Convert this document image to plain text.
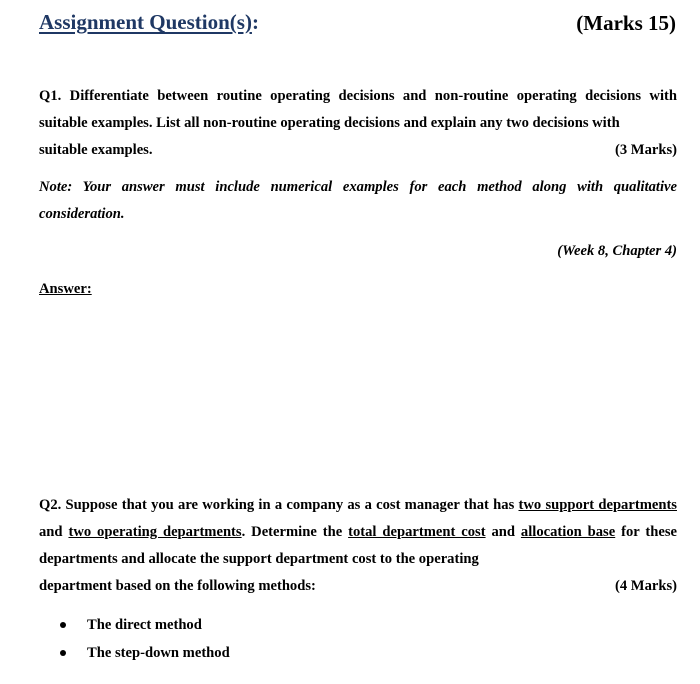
Assignment Question(s):	(Marks 15)
Q1. Differentiate between routine operating decisions and non-routine operating decisions with suitable examples. List all non-routine operating decisions and explain any two decisions with
suitable examples.	(3 Marks)
Note: Your answer must include numerical examples for each method along with qualitative consideration.
(Week 8, Chapter 4)
Answer:
Q2. Suppose that you are working in a company as a cost manager that has two support departments and two operating departments. Determine the total department cost and allocation base for these departments and allocate the support department cost to the operating
department based on the following methods:	(4 Marks)
The direct method
The step-down method
